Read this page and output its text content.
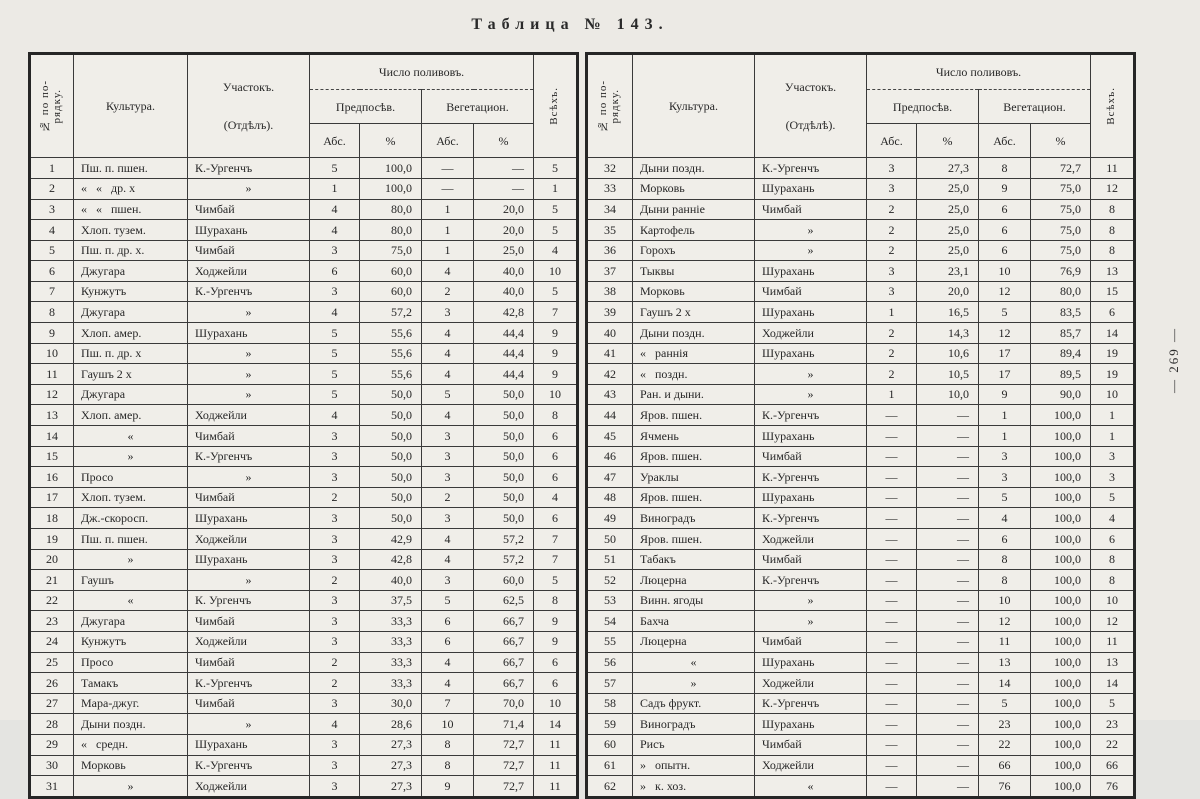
Таблица № 143.

№ по по- рядку.	Культура.	

Участокъ.

(Отдѣлъ).

	Число поливовъ.	

Всѣхъ.

			Предпосѣв.		Вегетацион.		
			Абс.	%	Абс.	%	
1	Пш. п. пшен.	К.-Ургенчъ	5	100,0	—	—	5
2	«   «   др. х	»	1	100,0	—	—	1
3	«   «   пшен.	Чимбай	4	80,0	1	20,0	5
4	Хлоп. тузем.	Шурахань	4	80,0	1	20,0	5
5	Пш. п. др. х.	Чимбай	3	75,0	1	25,0	4
6	Джугара	Ходжейли	6	60,0	4	40,0	10
7	Кунжутъ	К.-Ургенчъ	3	60,0	2	40,0	5
8	Джугара	»	4	57,2	3	42,8	7
9	Хлоп. амер.	Шурахань	5	55,6	4	44,4	9
10	Пш. п. др. х	»	5	55,6	4	44,4	9
11	Гаушъ 2 х	»	5	55,6	4	44,4	9
12	Джугара	»	5	50,0	5	50,0	10
13	Хлоп. амер.	Ходжейли	4	50,0	4	50,0	8
14	«	Чимбай	3	50,0	3	50,0	6
15	»	К.-Ургенчъ	3	50,0	3	50,0	6
16	Просо	»	3	50,0	3	50,0	6
17	Хлоп. тузем.	Чимбай	2	50,0	2	50,0	4
18	Дж.-скоросп.	Шурахань	3	50,0	3	50,0	6
19	Пш. п. пшен.	Ходжейли	3	42,9	4	57,2	7
20	»	Шурахань	3	42,8	4	57,2	7
21	Гаушъ	»	2	40,0	3	60,0	5
22	«	К. Ургенчъ	3	37,5	5	62,5	8
23	Джугара	Чимбай	3	33,3	6	66,7	9
24	Кунжутъ	Ходжейли	3	33,3	6	66,7	9
25	Просо	Чимбай	2	33,3	4	66,7	6
26	Тамакъ	К.-Ургенчъ	2	33,3	4	66,7	6
27	Мара-джуг.	Чимбай	3	30,0	7	70,0	10
28	Дыни поздн.	»	4	28,6	10	71,4	14
29	«   средн.	Шурахань	3	27,3	8	72,7	11
30	Морковь	К.-Ургенчъ	3	27,3	8	72,7	11
31	»	Ходжейли	3	27,3	9	72,7	11

№ по по- рядку.	Культура.	

Участокъ.

(Отдѣлѣ).

	Число поливовъ.	

Всѣхъ.

			Предпосѣв.		Вегетацион.		
			Абс.	%	Абс.	%	
32	Дыни поздн.	К.-Ургенчъ	3	27,3	8	72,7	11
33	Морковь	Шурахань	3	25,0	9	75,0	12
34	Дыни ранніе	Чимбай	2	25,0	6	75,0	8
35	Картофель	»	2	25,0	6	75,0	8
36	Горохъ	»	2	25,0	6	75,0	8
37	Тыквы	Шурахань	3	23,1	10	76,9	13
38	Морковь	Чимбай	3	20,0	12	80,0	15
39	Гаушъ 2 х	Шурахань	1	16,5	5	83,5	6
40	Дыни поздн.	Ходжейли	2	14,3	12	85,7	14
41	«   раннія	Шурахань	2	10,6	17	89,4	19
42	«   поздн.	»	2	10,5	17	89,5	19
43	Ран. и дыни.	»	1	10,0	9	90,0	10
44	Яров. пшен.	К.-Ургенчъ	—	—	1	100,0	1
45	Ячмень	Шурахань	—	—	1	100,0	1
46	Яров. пшен.	Чимбай	—	—	3	100,0	3
47	Ураклы	К.-Ургенчъ	—	—	3	100,0	3
48	Яров. пшен.	Шурахань	—	—	5	100,0	5
49	Виноградъ	К.-Ургенчъ	—	—	4	100,0	4
50	Яров. пшен.	Ходжейли	—	—	6	100,0	6
51	Табакъ	Чимбай	—	—	8	100,0	8
52	Люцерна	К.-Ургенчъ	—	—	8	100,0	8
53	Винн. ягоды	»	—	—	10	100,0	10
54	Бахча	»	—	—	12	100,0	12
55	Люцерна	Чимбай	—	—	11	100,0	11
56	«	Шурахань	—	—	13	100,0	13
57	»	Ходжейли	—	—	14	100,0	14
58	Садъ фрукт.	К.-Ургенчъ	—	—	5	100,0	5
59	Виноградъ	Шурахань	—	—	23	100,0	23
60	Рисъ	Чимбай	—	—	22	100,0	22
61	»   опытн.	Ходжейли	—	—	66	100,0	66
62	»   к. хоз.	«	—	—	76	100,0	76
— 269 —
